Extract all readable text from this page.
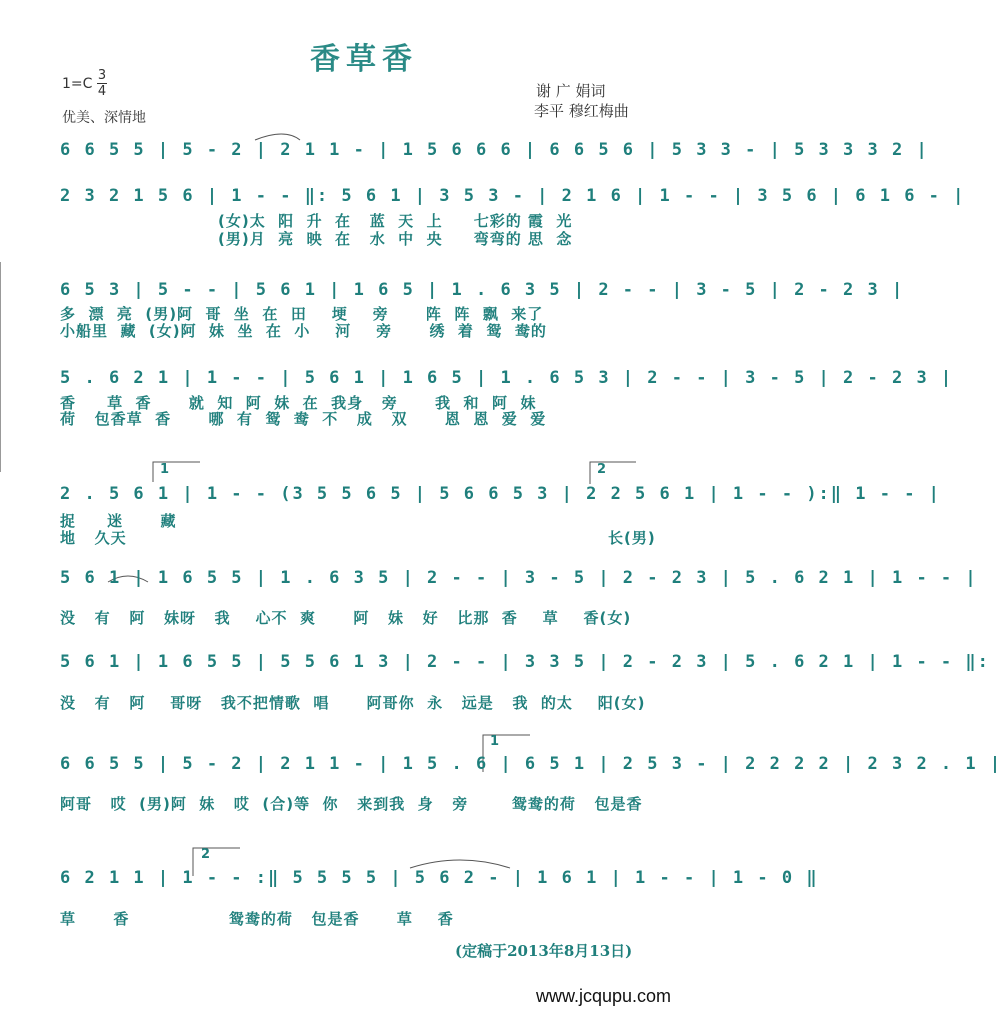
香草香
1=C
3
4
优美、深情地
谢 广 娟词
李平 穆红梅曲
6 6 5 5 | 5 - 2 | 2 1 1 - | 1 5 6 6 6 | 6 6 5 6 | 5 3 3 - | 5 3 3 3 2 |
2 3 2 1 5 6 | 1 - - ‖: 5 6 1 | 3 5 3 - | 2 1 6 | 1 - - | 3 5 6 | 6 1 6 - |
(女)太  阳  升  在   蓝  天  上     七彩的 霞  光
(男)月  亮  映  在   水  中  央     弯弯的 思  念
6 5 3 | 5 - - | 5 6 1 | 1 6 5 | 1 . 6 3 5 | 2 - - | 3 - 5 | 2 - 2 3 |
多  漂  亮  (男)阿  哥  坐  在  田    埂    旁      阵  阵  飘  来了
小船里  藏  (女)阿  妹  坐  在  小    河    旁      绣  着  鸳  鸯的
5 . 6 2 1 | 1 - - | 5 6 1 | 1 6 5 | 1 . 6 5 3 | 2 - - | 3 - 5 | 2 - 2 3 |
香     草  香      就  知  阿  妹  在  我身   旁      我  和  阿  妹
荷   包香草  香      哪  有  鸳  鸯  不   成   双      恩  恩  爱  爱
1	2
2 . 5 6 1 | 1 - - (3 5 5 6 5 | 5 6 6 5 3 | 2 2 5 6 1 | 1 - - ):‖ 1 - - |
捉     迷      藏
地   久天	长(男)
5 6 1 | 1 6 5 5 | 1 . 6 3 5 | 2 - - | 3 - 5 | 2 - 2 3 | 5 . 6 2 1 | 1 - - |
没   有   阿   妹呀   我    心不  爽      阿   妹   好   比那  香    草    香(女)
5 6 1 | 1 6 5 5 | 5 5 6 1 3 | 2 - - | 3 3 5 | 2 - 2 3 | 5 . 6 2 1 | 1 - - ‖:
没   有   阿    哥呀   我不把情歌  唱      阿哥你  永   远是   我  的太    阳(女)
1
6 6 5 5 | 5 - 2 | 2 1 1 - | 1 5 . 6 | 6 5 1 | 2 5 3 - | 2 2 2 2 | 2 3 2 . 1 |
阿哥   哎  (男)阿  妹   哎  (合)等  你   来到我  身   旁       鸳鸯的荷   包是香
2
6 2 1 1 | 1 - - :‖ 5 5 5 5 | 5 6 2 - | 1 6 1 | 1 - - | 1 - 0 ‖
草      香                鸳鸯的荷   包是香      草    香
(定稿于2013年8月13日)
www.jcqupu.com
